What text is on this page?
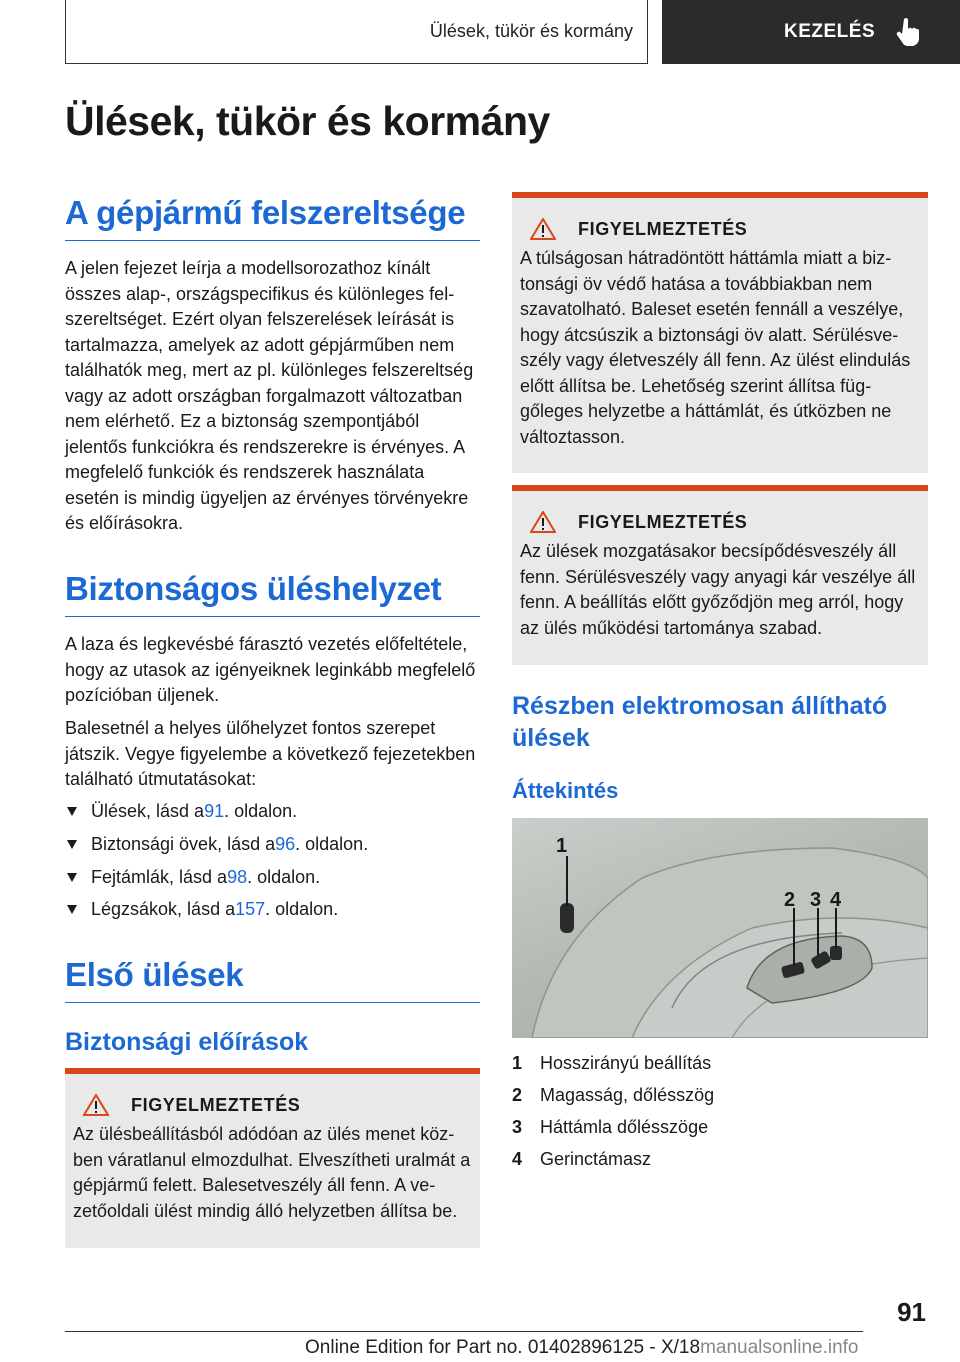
Ülések, tükör és kormány	KEZELÉS
Ülések, tükör és kormány
A gépjármű felszereltsége

A jelen fejezet leírja a modellsorozathoz kínált összes alap-, országspecifikus és különleges felszereltséget. Ezért olyan felszerelések leírását is tartalmazza, amelyek az adott gépjárműben nem találhatók meg, mert az pl. különleges felszereltség vagy az adott országban forgalmazott változatban nem elérhető. Ez a biztonság szempontjából jelentős funkciókra és rendszerekre is érvényes. A megfelelő funkciók és rendszerek használata esetén is mindig ügyeljen az érvényes törvényekre és előírásokra.

Biztonságos üléshelyzet

A laza és legkevésbé fárasztó vezetés előfeltétele, hogy az utasok az igényeiknek leginkább megfelelő pozícióban üljenek.

Balesetnél a helyes ülőhelyzet fontos szerepet játszik. Vegye figyelembe a következő fejezetekben található útmutatásokat:

Ülések, lásd a 91 . oldalon.
Biztonsági övek, lásd a 96 . oldalon.
Fejtámlák, lásd a 98 . oldalon.
Légzsákok, lásd a 157 . oldalon.
Első ülések
Biztonsági előírások
FIGYELMEZTETÉS
Az ülésbeállításból adódóan az ülés menet közben váratlanul elmozdulhat. Elveszítheti uralmát a gépjármű felett. Balesetveszély áll fenn. A vezetőoldali ülést mindig álló helyzetben állítsa be.
FIGYELMEZTETÉS
A túlságosan hátradöntött háttámla miatt a biztonsági öv védő hatása a továbbiakban nem szavatolható. Baleset esetén fennáll a veszélye, hogy átcsúszik a biztonsági öv alatt. Sérülésveszély vagy életveszély áll fenn. Az ülést elindulás előtt állítsa be. Lehetőség szerint állítsa függőleges helyzetbe a háttámlát, és útközben ne változtasson.
FIGYELMEZTETÉS
Az ülések mozgatásakor becsípődésveszély áll fenn. Sérülésveszély vagy anyagi kár veszélye áll fenn. A beállítás előtt győződjön meg arról, hogy az ülés működési tartománya szabad.
Részben elektromosan állítható ülések
Áttekintés
1
2 3 4
1 Hosszirányú beállítás
2 Magasság, dőlésszög
3 Háttámla dőlésszöge
4 Gerinctámasz
91
Online Edition for Part no. 01402896125 - X/18manualsonline.info
